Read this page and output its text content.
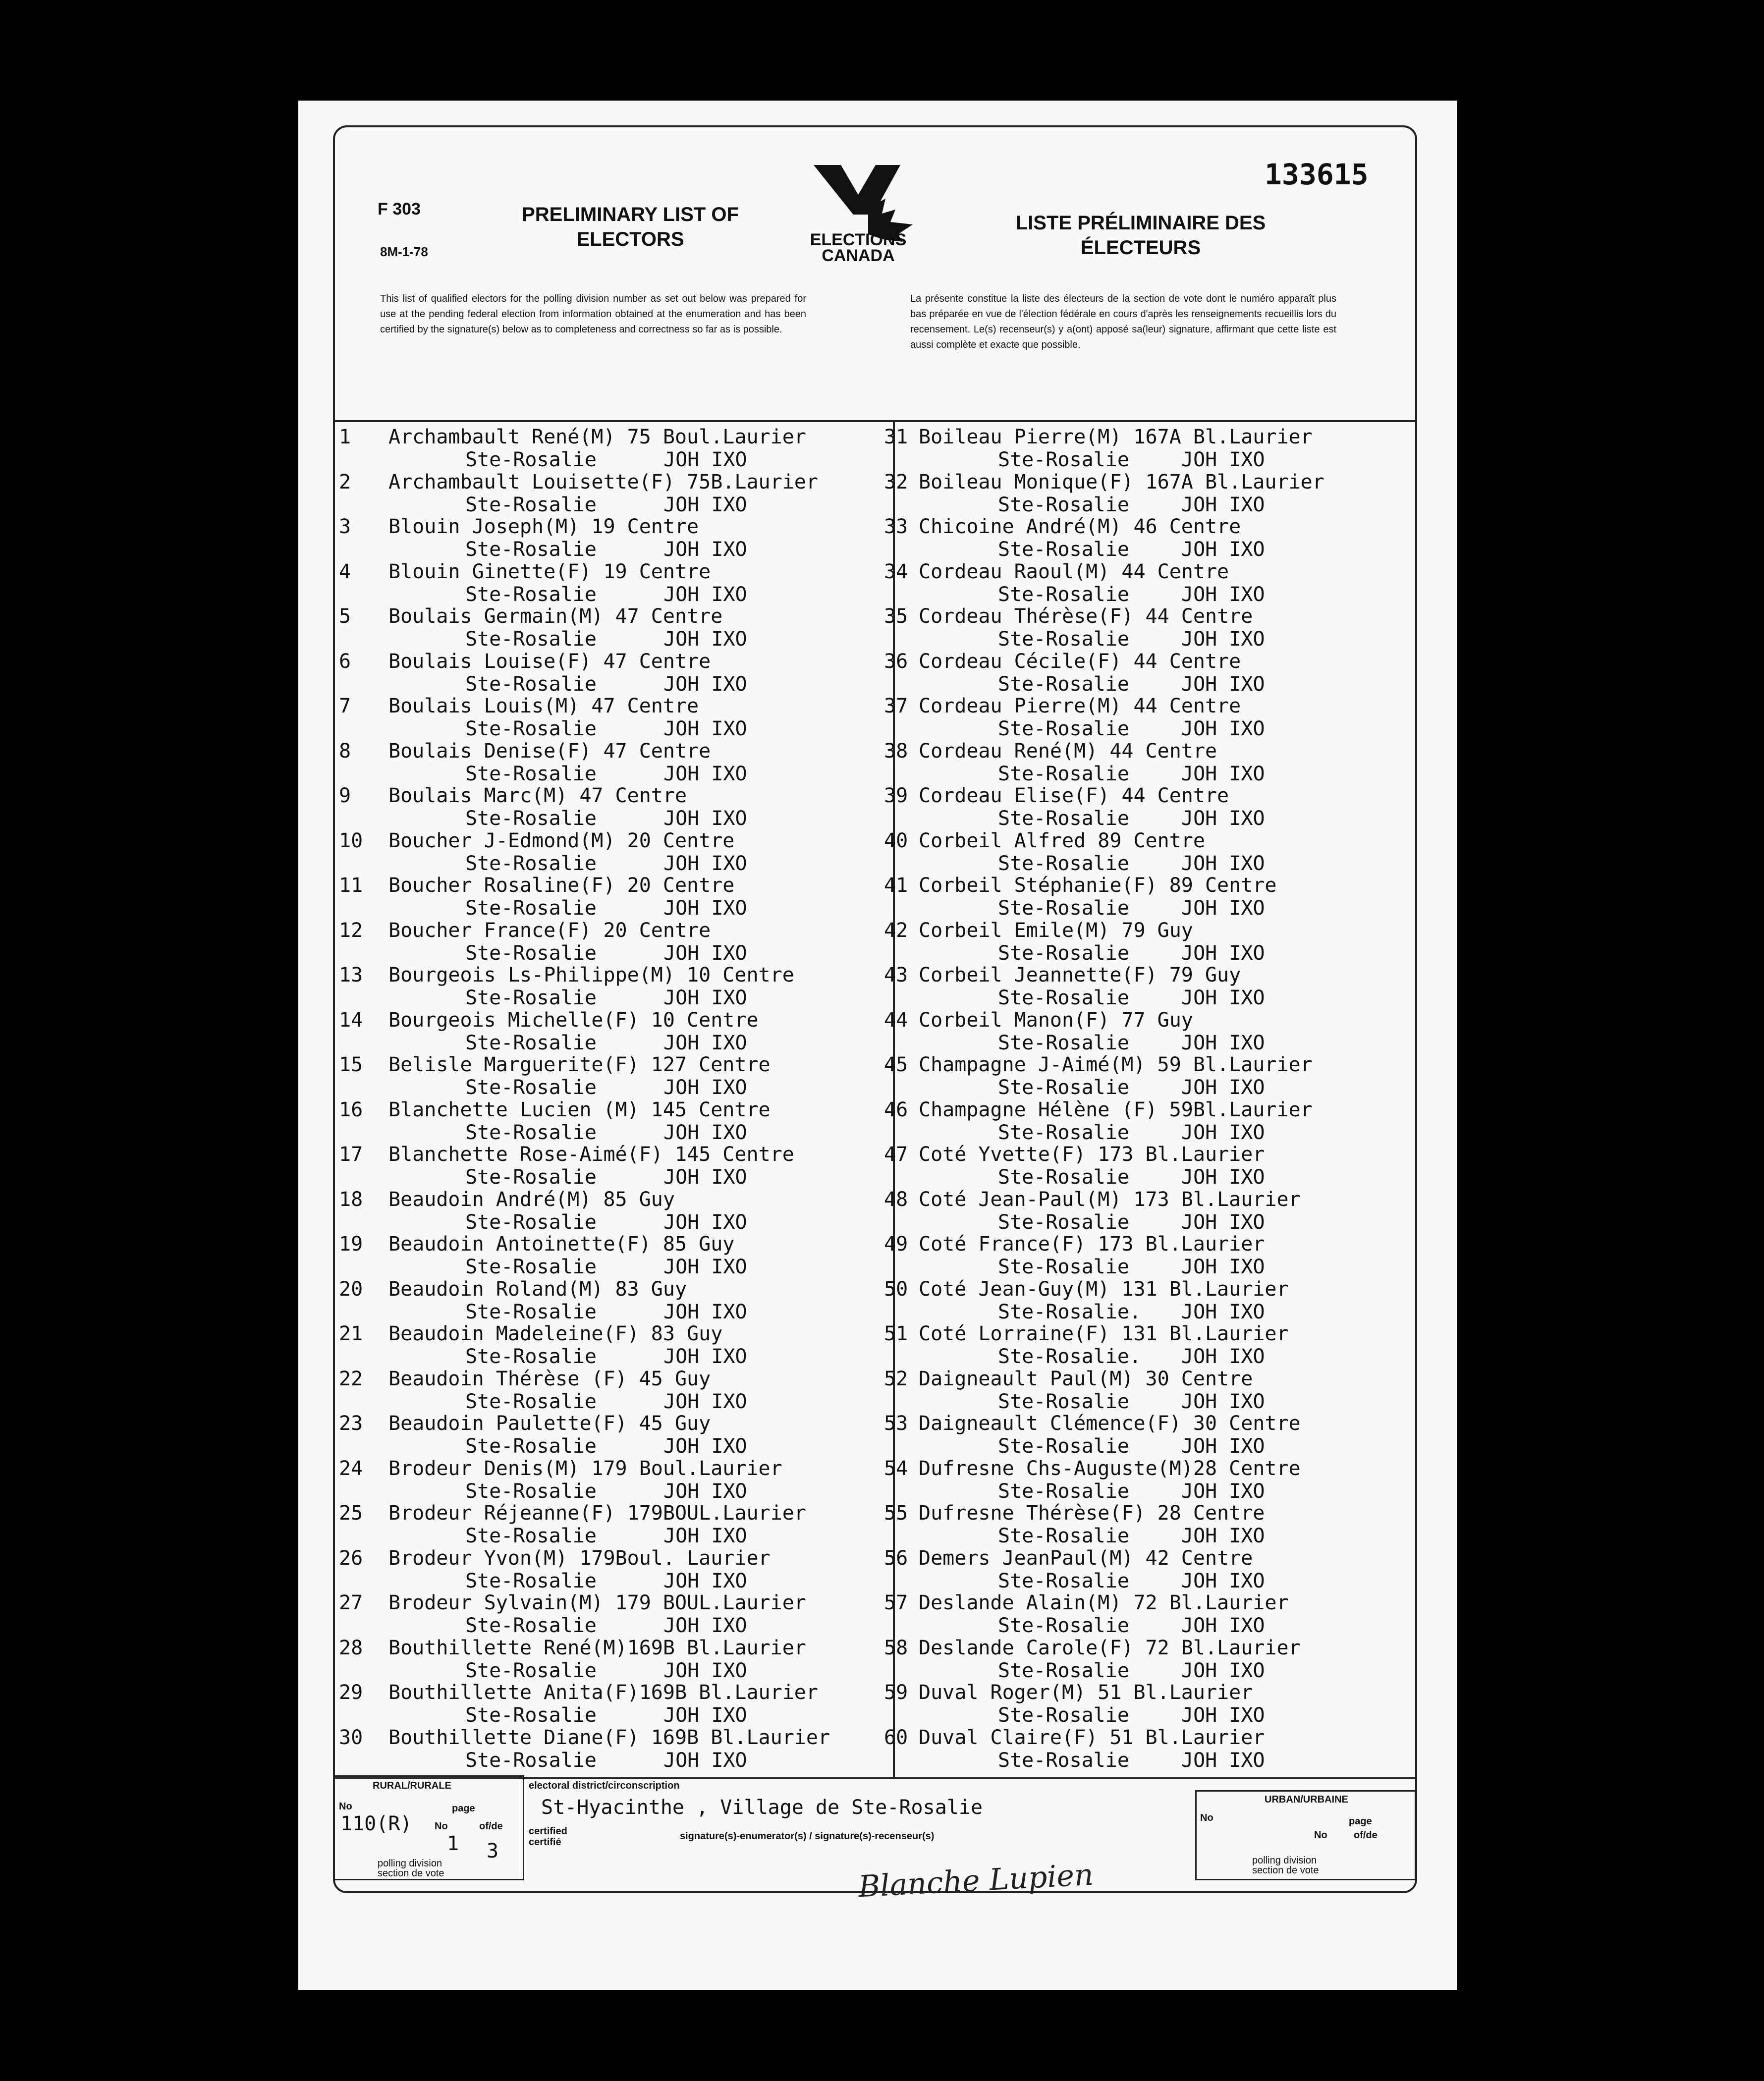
F 303
8M-1-78
PRELIMINARY LIST OF ELECTORS
LISTE PRÉLIMINAIRE DES ÉLECTEURS
133615
ELECTIONS CANADA
This list of qualified electors for the polling division number as set out below was prepared for use at the pending federal election from information obtained at the enumeration and has been certified by the signature(s) below as to completeness and correctness so far as is possible.
La présente constitue la liste des électeurs de la section de vote dont le numéro apparaît plus bas préparée en vue de l'élection fédérale en cours d'après les renseignements recueillis lors du recensement. Le(s) recenseur(s) y a(ont) apposé sa(leur) signature, affirmant que cette liste est aussi complète et exacte que possible.
1 Archambault René(M) 75 Boul.Laurier
Ste-Rosalie	JOH IXO
2 Archambault Louisette(F) 75B.Laurier
Ste-Rosalie	JOH IXO
3 Blouin Joseph(M) 19 Centre
Ste-Rosalie	JOH IXO
4 Blouin Ginette(F) 19 Centre
Ste-Rosalie	JOH IXO
5 Boulais Germain(M) 47 Centre
Ste-Rosalie	JOH IXO
6 Boulais Louise(F) 47 Centre
Ste-Rosalie	JOH IXO
7 Boulais Louis(M) 47 Centre
Ste-Rosalie	JOH IXO
8 Boulais Denise(F) 47 Centre
Ste-Rosalie	JOH IXO
9 Boulais Marc(M) 47 Centre
Ste-Rosalie	JOH IXO
10 Boucher J-Edmond(M) 20 Centre
Ste-Rosalie	JOH IXO
11 Boucher Rosaline(F) 20 Centre
Ste-Rosalie	JOH IXO
12 Boucher France(F) 20 Centre
Ste-Rosalie	JOH IXO
13 Bourgeois Ls-Philippe(M) 10 Centre
Ste-Rosalie	JOH IXO
14 Bourgeois Michelle(F) 10 Centre
Ste-Rosalie	JOH IXO
15 Belisle Marguerite(F) 127 Centre
Ste-Rosalie	JOH IXO
16 Blanchette Lucien (M) 145 Centre
Ste-Rosalie	JOH IXO
17 Blanchette Rose-Aimé(F) 145 Centre
Ste-Rosalie	JOH IXO
18 Beaudoin André(M) 85 Guy
Ste-Rosalie	JOH IXO
19 Beaudoin Antoinette(F) 85 Guy
Ste-Rosalie	JOH IXO
20 Beaudoin Roland(M) 83 Guy
Ste-Rosalie	JOH IXO
21 Beaudoin Madeleine(F) 83 Guy
Ste-Rosalie	JOH IXO
22 Beaudoin Thérèse (F) 45 Guy
Ste-Rosalie	JOH IXO
23 Beaudoin Paulette(F) 45 Guy
Ste-Rosalie	JOH IXO
24 Brodeur Denis(M) 179 Boul.Laurier
Ste-Rosalie	JOH IXO
25 Brodeur Réjeanne(F) 179BOUL.Laurier
Ste-Rosalie	JOH IXO
26 Brodeur Yvon(M) 179Boul. Laurier
Ste-Rosalie	JOH IXO
27 Brodeur Sylvain(M) 179 BOUL.Laurier
Ste-Rosalie	JOH IXO
28 Bouthillette René(M)169B Bl.Laurier
Ste-Rosalie	JOH IXO
29 Bouthillette Anita(F)169B Bl.Laurier
Ste-Rosalie	JOH IXO
30 Bouthillette Diane(F) 169B Bl.Laurier
Ste-Rosalie	JOH IXO
31 Boileau Pierre(M) 167A Bl.Laurier
Ste-Rosalie	JOH IXO
32 Boileau Monique(F) 167A Bl.Laurier
Ste-Rosalie	JOH IXO
33 Chicoine André(M) 46 Centre
Ste-Rosalie	JOH IXO
34 Cordeau Raoul(M) 44 Centre
Ste-Rosalie	JOH IXO
35 Cordeau Thérèse(F) 44 Centre
Ste-Rosalie	JOH IXO
36 Cordeau Cécile(F) 44 Centre
Ste-Rosalie	JOH IXO
37 Cordeau Pierre(M) 44 Centre
Ste-Rosalie	JOH IXO
38 Cordeau René(M) 44 Centre
Ste-Rosalie	JOH IXO
39 Cordeau Elise(F) 44 Centre
Ste-Rosalie	JOH IXO
40 Corbeil Alfred 89 Centre
Ste-Rosalie	JOH IXO
41 Corbeil Stéphanie(F) 89 Centre
Ste-Rosalie	JOH IXO
42 Corbeil Emile(M) 79 Guy
Ste-Rosalie	JOH IXO
43 Corbeil Jeannette(F) 79 Guy
Ste-Rosalie	JOH IXO
44 Corbeil Manon(F) 77 Guy
Ste-Rosalie	JOH IXO
45 Champagne J-Aimé(M) 59 Bl.Laurier
Ste-Rosalie	JOH IXO
46 Champagne Hélène (F) 59Bl.Laurier
Ste-Rosalie	JOH IXO
47 Coté Yvette(F) 173 Bl.Laurier
Ste-Rosalie	JOH IXO
48 Coté Jean-Paul(M) 173 Bl.Laurier
Ste-Rosalie	JOH IXO
49 Coté France(F) 173 Bl.Laurier
Ste-Rosalie	JOH IXO
50 Coté Jean-Guy(M) 131 Bl.Laurier
Ste-Rosalie. JOH IXO
51 Coté Lorraine(F) 131 Bl.Laurier
Ste-Rosalie. JOH IXO
52 Daigneault Paul(M) 30 Centre
Ste-Rosalie	JOH IXO
53 Daigneault Clémence(F) 30 Centre
Ste-Rosalie	JOH IXO
54 Dufresne Chs-Auguste(M)28 Centre
Ste-Rosalie	JOH IXO
55 Dufresne Thérèse(F) 28 Centre
Ste-Rosalie	JOH IXO
56 Demers JeanPaul(M) 42 Centre
Ste-Rosalie	JOH IXO
57 Deslande Alain(M) 72 Bl.Laurier
Ste-Rosalie	JOH IXO
58 Deslande Carole(F) 72 Bl.Laurier
Ste-Rosalie	JOH IXO
59 Duval Roger(M) 51 Bl.Laurier
Ste-Rosalie	JOH IXO
60 Duval Claire(F) 51 Bl.Laurier
Ste-Rosalie	JOH IXO
RURAL/RURALE
No
110(R)
page
No	of/de
1 3
polling division section de vote
electoral district/circonscription
St-Hyacinthe , Village de Ste-Rosalie
certified certifié
signature(s)-enumerator(s) / signature(s)-recenseur(s)
URBAN/URBAINE
No	page
No	of/de
polling division section de vote
Blanche Lupien
